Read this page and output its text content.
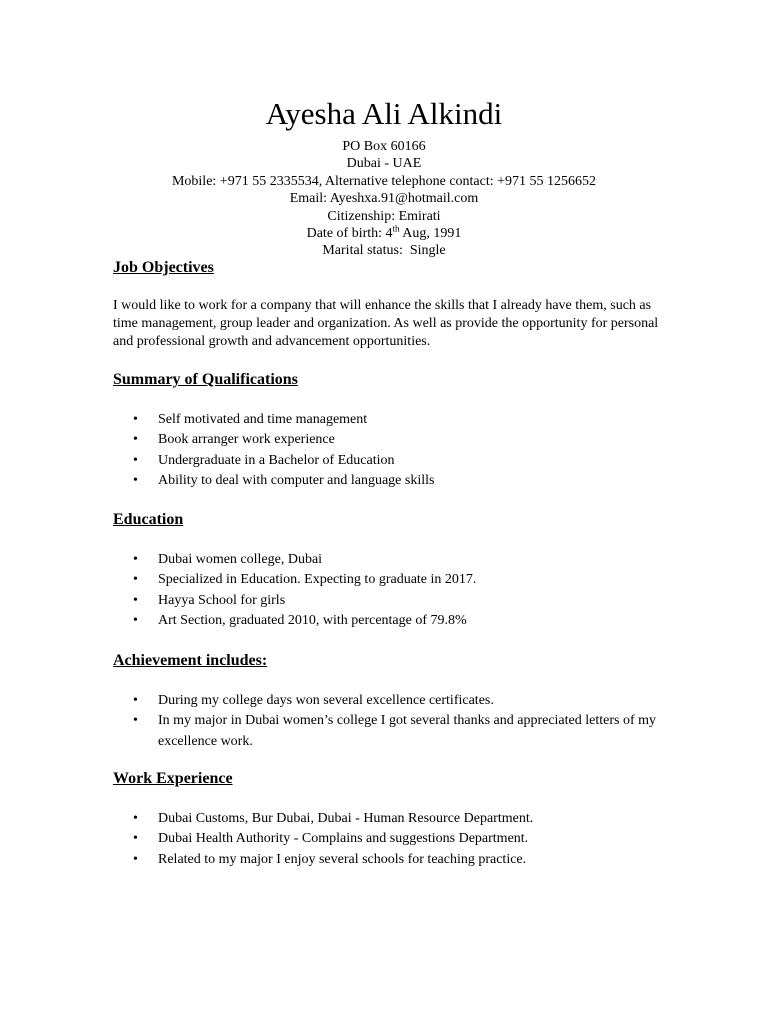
Ayesha Ali Alkindi

PO Box 60166

Dubai - UAE

Mobile: +971 55 2335534, Alternative telephone contact: +971 55 1256652

Email: Ayeshxa.91@hotmail.com

Citizenship: Emirati

Date of birth: 4th Aug, 1991

Marital status:  Single

Job Objectives

I would like to work for a company that will enhance the skills that I already have them, such as time management, group leader and organization. As well as provide the opportunity for personal and professional growth and advancement opportunities.

Summary of Qualifications
• Self motivated and time management
• Book arranger work experience
• Undergraduate in a Bachelor of Education
• Ability to deal with computer and language skills
Education
• Dubai women college, Dubai
• Specialized in Education. Expecting to graduate in 2017.
• Hayya School for girls
• Art Section, graduated 2010, with percentage of 79.8%
Achievement includes:
• During my college days won several excellence certificates.
• In my major in Dubai women’s college I got several thanks and appreciated letters of my excellence work.
Work Experience
• Dubai Customs, Bur Dubai, Dubai - Human Resource Department.
• Dubai Health Authority - Complains and suggestions Department.
• Related to my major I enjoy several schools for teaching practice.
